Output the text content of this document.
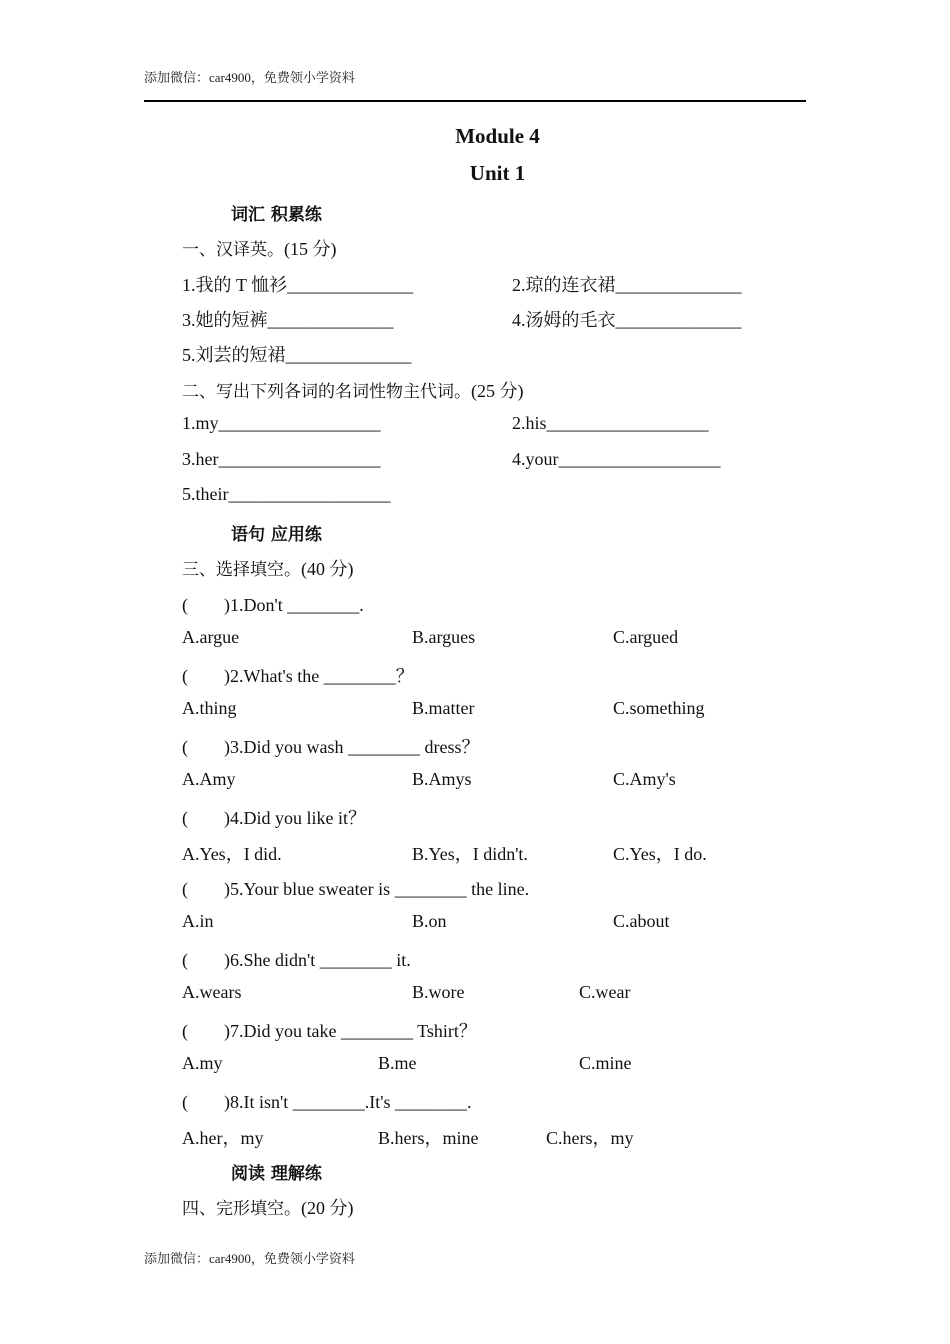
添加微信：car4900，免费领小学资料
Module 4
Unit 1
词汇 积累练
一、汉译英。(15 分)
1.我的 T 恤衫______________	2.琼的连衣裙______________
3.她的短裤______________	4.汤姆的毛衣______________
5.刘芸的短裙______________
二、写出下列各词的名词性物主代词。(25 分)
1.my__________________	2.his__________________
3.her__________________	4.your__________________
5.their__________________
语句 应用练
三、选择填空。(40 分)
(　　)1.Don't ________.
A.argue	B.argues	C.argued
(　　)2.What's the ________？
A.thing	B.matter	C.something
(　　)3.Did you wash ________ dress？
A.Amy	B.Amys	C.Amy's
(　　)4.Did you like it？
A.Yes，I did.	B.Yes，I didn't.	C.Yes，I do.
(　　)5.Your blue sweater is ________ the line.
A.in	B.on	C.about
(　　)6.She didn't ________ it.
A.wears	B.wore	C.wear
(　　)7.Did you take ________ Tshirt？
A.my	B.me	C.mine
(　　)8.It isn't ________.It's ________.
A.her，my	B.hers，mine	C.hers，my
阅读 理解练
四、完形填空。(20 分)
添加微信：car4900，免费领小学资料
